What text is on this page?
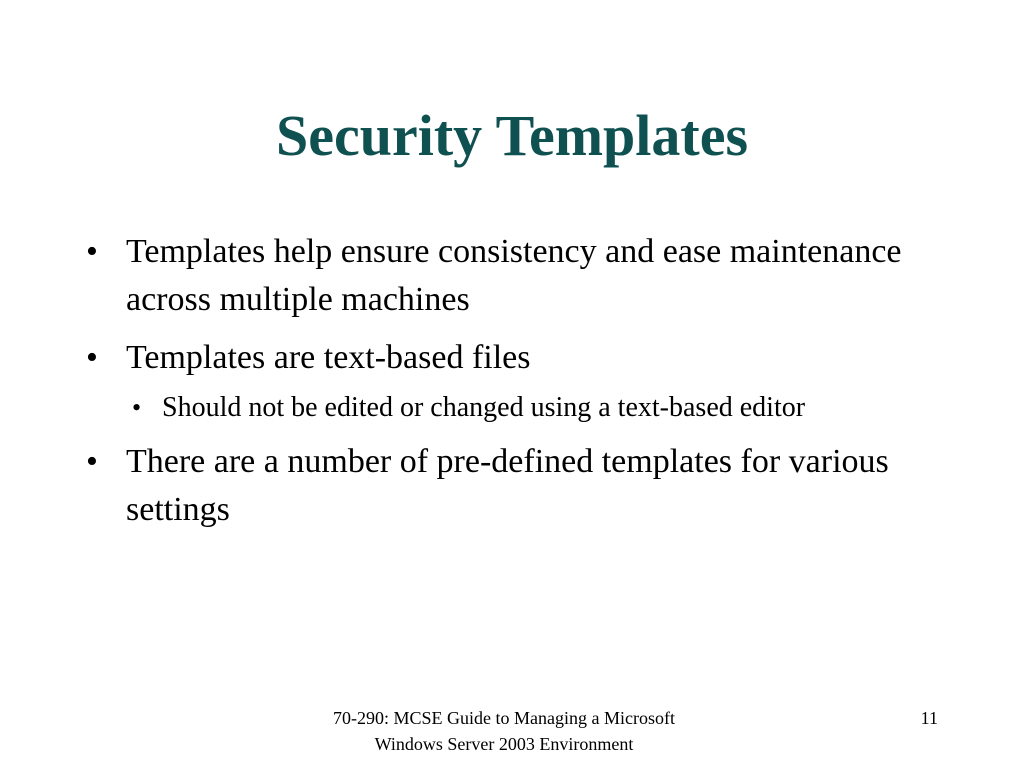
Security Templates
• Templates help ensure consistency and ease maintenance across multiple machines
• Templates are text-based files
• Should not be edited or changed using a text-based editor
• There are a number of pre-defined templates for various settings
70-290: MCSE Guide to Managing a Microsoft
Windows Server 2003 Environment
11
